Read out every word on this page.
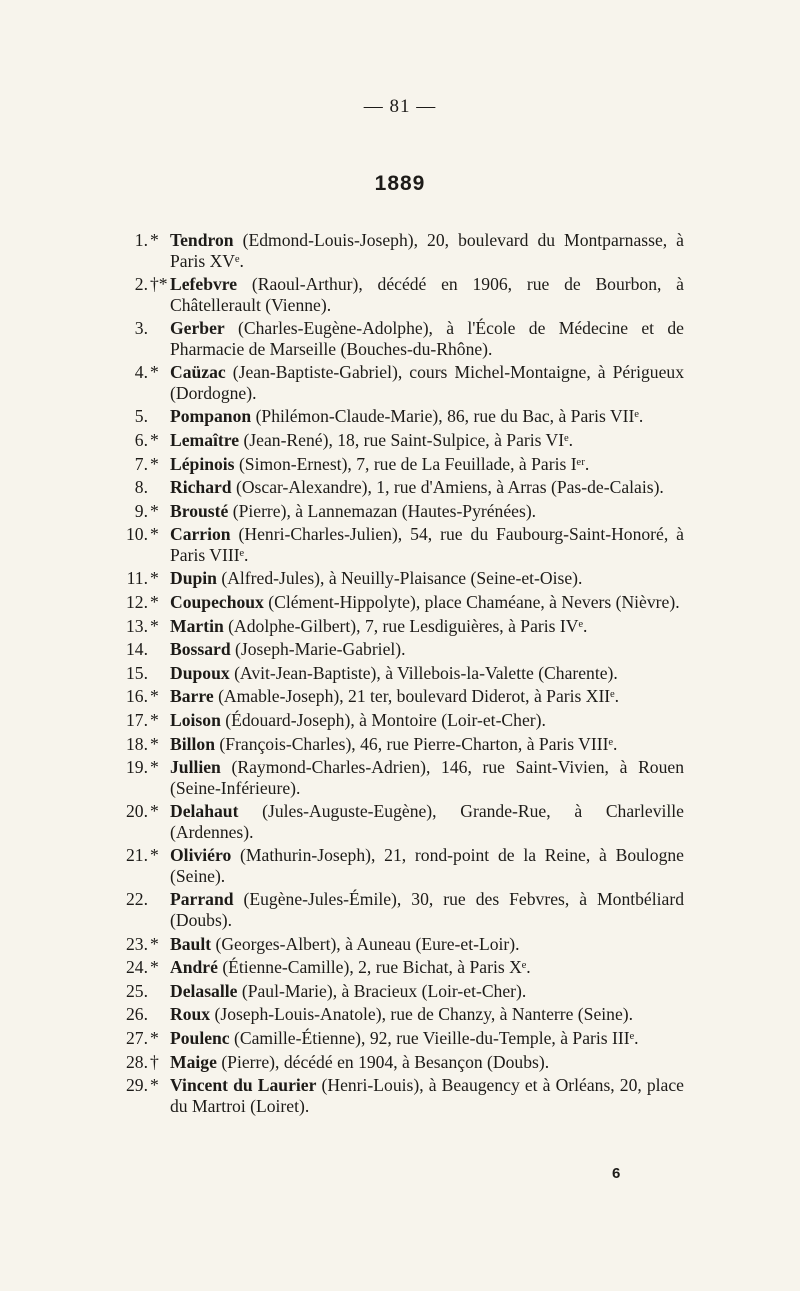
— 81 —
1889
1. * Tendron (Edmond-Louis-Joseph), 20, boulevard du Montparnasse, à Paris XVᵉ.
2. †* Lefebvre (Raoul-Arthur), décédé en 1906, rue de Bourbon, à Châtellerault (Vienne).
3. Gerber (Charles-Eugène-Adolphe), à l'École de Médecine et de Pharmacie de Marseille (Bouches-du-Rhône).
4. * Caüzac (Jean-Baptiste-Gabriel), cours Michel-Montaigne, à Périgueux (Dordogne).
5. Pompanon (Philémon-Claude-Marie), 86, rue du Bac, à Paris VIIᵉ.
6. * Lemaître (Jean-René), 18, rue Saint-Sulpice, à Paris VIᵉ.
7. * Lépinois (Simon-Ernest), 7, rue de La Feuillade, à Paris Iᵉʳ.
8. Richard (Oscar-Alexandre), 1, rue d'Amiens, à Arras (Pas-de-Calais).
9. * Brousté (Pierre), à Lannemazan (Hautes-Pyrénées).
10. * Carrion (Henri-Charles-Julien), 54, rue du Faubourg-Saint-Honoré, à Paris VIIIᵉ.
11. * Dupin (Alfred-Jules), à Neuilly-Plaisance (Seine-et-Oise).
12. * Coupechoux (Clément-Hippolyte), place Chaméane, à Nevers (Nièvre).
13. * Martin (Adolphe-Gilbert), 7, rue Lesdiguières, à Paris IVᵉ.
14. Bossard (Joseph-Marie-Gabriel).
15. Dupoux (Avit-Jean-Baptiste), à Villebois-la-Valette (Charente).
16. * Barre (Amable-Joseph), 21 ter, boulevard Diderot, à Paris XIIᵉ.
17. * Loison (Édouard-Joseph), à Montoire (Loir-et-Cher).
18. * Billon (François-Charles), 46, rue Pierre-Charton, à Paris VIIIᵉ.
19. * Jullien (Raymond-Charles-Adrien), 146, rue Saint-Vivien, à Rouen (Seine-Inférieure).
20. * Delahaut (Jules-Auguste-Eugène), Grande-Rue, à Charleville (Ardennes).
21. * Oliviéro (Mathurin-Joseph), 21, rond-point de la Reine, à Boulogne (Seine).
22. Parrand (Eugène-Jules-Émile), 30, rue des Febvres, à Montbéliard (Doubs).
23. * Bault (Georges-Albert), à Auneau (Eure-et-Loir).
24. * André (Étienne-Camille), 2, rue Bichat, à Paris Xᵉ.
25. Delasalle (Paul-Marie), à Bracieux (Loir-et-Cher).
26. Roux (Joseph-Louis-Anatole), rue de Chanzy, à Nanterre (Seine).
27. * Poulenc (Camille-Étienne), 92, rue Vieille-du-Temple, à Paris IIIᵉ.
28. † Maige (Pierre), décédé en 1904, à Besançon (Doubs).
29. * Vincent du Laurier (Henri-Louis), à Beaugency et à Orléans, 20, place du Martroi (Loiret).
6
